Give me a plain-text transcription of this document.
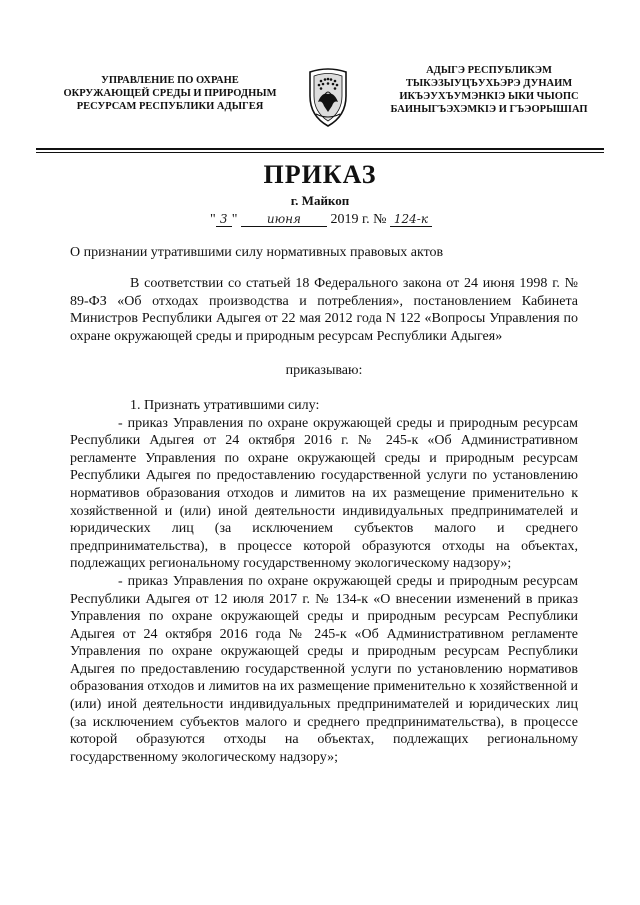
УПРАВЛЕНИЕ ПО ОХРАНЕ
ОКРУЖАЮЩЕЙ СРЕДЫ И ПРИРОДНЫМ
РЕСУРСАМ РЕСПУБЛИКИ АДЫГЕЯ
АДЫГЭ РЕСПУБЛИКЭМ
ТЫКЭЗЫУЦЪУХЬЭРЭ ДУНАИМ
ИКЪЭУХЪУМЭНКIЭ ЫКИ ЧЫОПС
БАИНЫГЪЭХЭМКIЭ И ГЪЭОРЫШIАП
ПРИКАЗ
г. Майкоп
" 3 " июня 2019 г. № 124-к
О признании утратившими силу нормативных правовых актов

В соответствии со статьей 18 Федерального закона от 24 июня 1998 г. № 89-ФЗ «Об отходах производства и потребления», постановлением Кабинета Министров Республики Адыгея от 22 мая 2012 года N 122 «Вопросы Управления по охране окружающей среды и природным ресурсам Республики Адыгея»

приказываю:

1. Признать утратившими силу:

- приказ Управления по охране окружающей среды и природным ресурсам Республики Адыгея от 24 октября 2016 г. № 245-к «Об Административном регламенте Управления по охране окружающей среды и природным ресурсам Республики Адыгея по предоставлению государственной услуги по установлению нормативов образования отходов и лимитов на их размещение применительно к хозяйственной и (или) иной деятельности индивидуальных предпринимателей и юридических лиц (за исключением субъектов малого и среднего предпринимательства), в процессе которой образуются отходы на объектах, подлежащих региональному государственному экологическому надзору»;

- приказ Управления по охране окружающей среды и природным ресурсам Республики Адыгея от 12 июля 2017 г. № 134-к «О внесении изменений в приказ Управления по охране окружающей среды и природным ресурсам Республики Адыгея от 24 октября 2016 года № 245-к «Об Административном регламенте Управления по охране окружающей среды и природным ресурсам Республики Адыгея по предоставлению государственной услуги по установлению нормативов образования отходов и лимитов на их размещение применительно к хозяйственной и (или) иной деятельности индивидуальных предпринимателей и юридических лиц (за исключением субъектов малого и среднего предпринимательства), в процессе которой образуются отходы на объектах, подлежащих региональному государственному экологическому надзору»;
